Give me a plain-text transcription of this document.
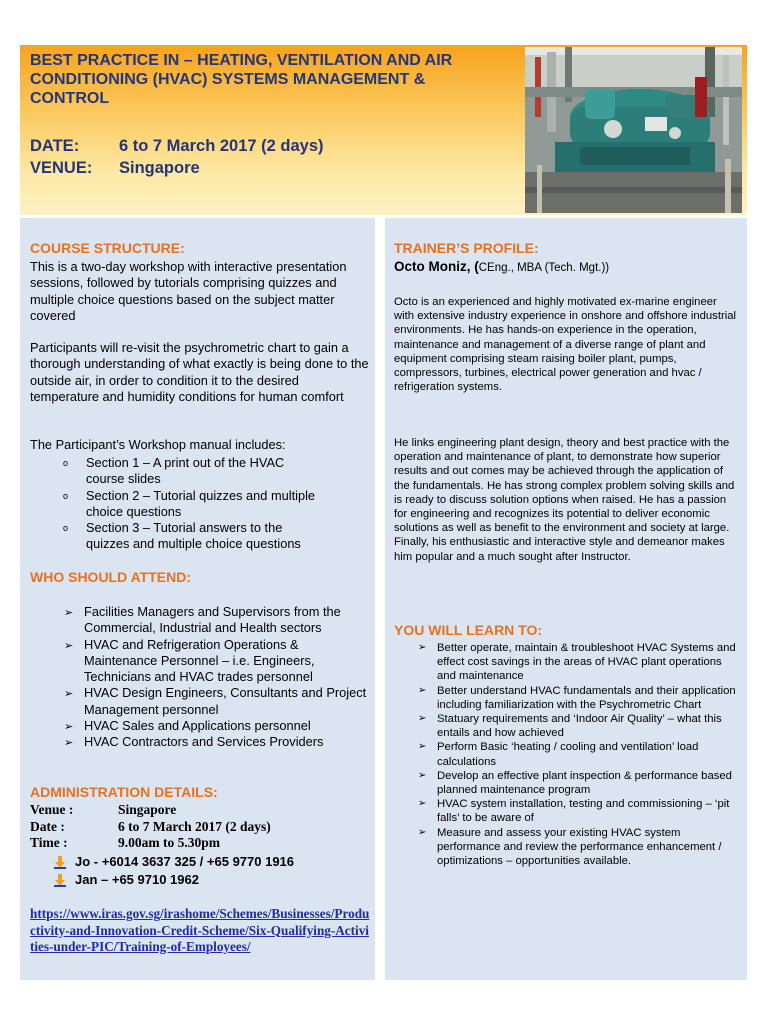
BEST PRACTICE IN – HEATING, VENTILATION AND AIR CONDITIONING (HVAC) SYSTEMS MANAGEMENT & CONTROL
DATE:	6 to 7 March 2017 (2 days)
VENUE:	Singapore
COURSE STRUCTURE:

This is a two-day workshop with interactive presentation sessions, followed by tutorials comprising quizzes and multiple choice questions based on the subject matter covered

Participants will re-visit the psychrometric chart to gain a thorough understanding of what exactly is being done to the outside air, in order to condition it to the desired temperature and humidity conditions for human comfort

The Participant’s Workshop manual includes:

o Section 1 – A print out of the HVAC course slides
o Section 2 – Tutorial quizzes and multiple choice questions
o Section 3 – Tutorial answers to the quizzes and multiple choice questions
WHO SHOULD ATTEND:
➢ Facilities Managers and Supervisors from the Commercial, Industrial and Health sectors
➢ HVAC and Refrigeration Operations & Maintenance Personnel – i.e. Engineers, Technicians and HVAC trades personnel
➢ HVAC Design Engineers, Consultants and Project Management personnel
➢ HVAC Sales and Applications personnel
➢ HVAC Contractors and Services Providers
ADMINISTRATION DETAILS:
Venue :	Singapore
Date :	6 to 7 March 2017 (2 days)
Time :	9.00am to 5.30pm
Jo - +6014 3637 325 / +65 9770 1916
Jan – +65 9710 1962
https://www.iras.gov.sg/irashome/Schemes/Businesses/Productivity-and-Innovation-Credit-Scheme/Six-Qualifying-Activities-under-PIC/Training-of-Employees/
TRAINER’S PROFILE:
Octo Moniz, (CEng., MBA (Tech. Mgt.))

Octo is an experienced and highly motivated ex-marine engineer with extensive industry experience in onshore and offshore industrial environments. He has hands-on experience in the operation, maintenance and management of a diverse range of plant and equipment comprising steam raising boiler plant, pumps, compressors, turbines, electrical power generation and hvac / refrigeration systems.

He links engineering plant design, theory and best practice with the operation and maintenance of plant, to demonstrate how superior results and out comes may be achieved through the application of the fundamentals. He has strong complex problem solving skills and is ready to discuss solution options when raised. He has a passion for engineering and recognizes its potential to deliver economic solutions as well as benefit to the environment and society at large. Finally, his enthusiastic and interactive style and demeanor makes him popular and a much sought after Instructor.

YOU WILL LEARN TO:
➢ Better operate, maintain & troubleshoot HVAC Systems and effect cost savings in the areas of HVAC plant operations and maintenance
➢ Better understand HVAC fundamentals and their application including familiarization with the Psychrometric Chart
➢ Statuary requirements and ‘Indoor Air Quality’ – what this entails and how achieved
➢ Perform Basic ‘heating / cooling and ventilation’ load calculations
➢ Develop an effective plant inspection & performance based planned maintenance program
➢ HVAC system installation, testing and commissioning – ‘pit falls’ to be aware of
➢ Measure and assess your existing HVAC system performance and review the performance enhancement / optimizations – opportunities available.
